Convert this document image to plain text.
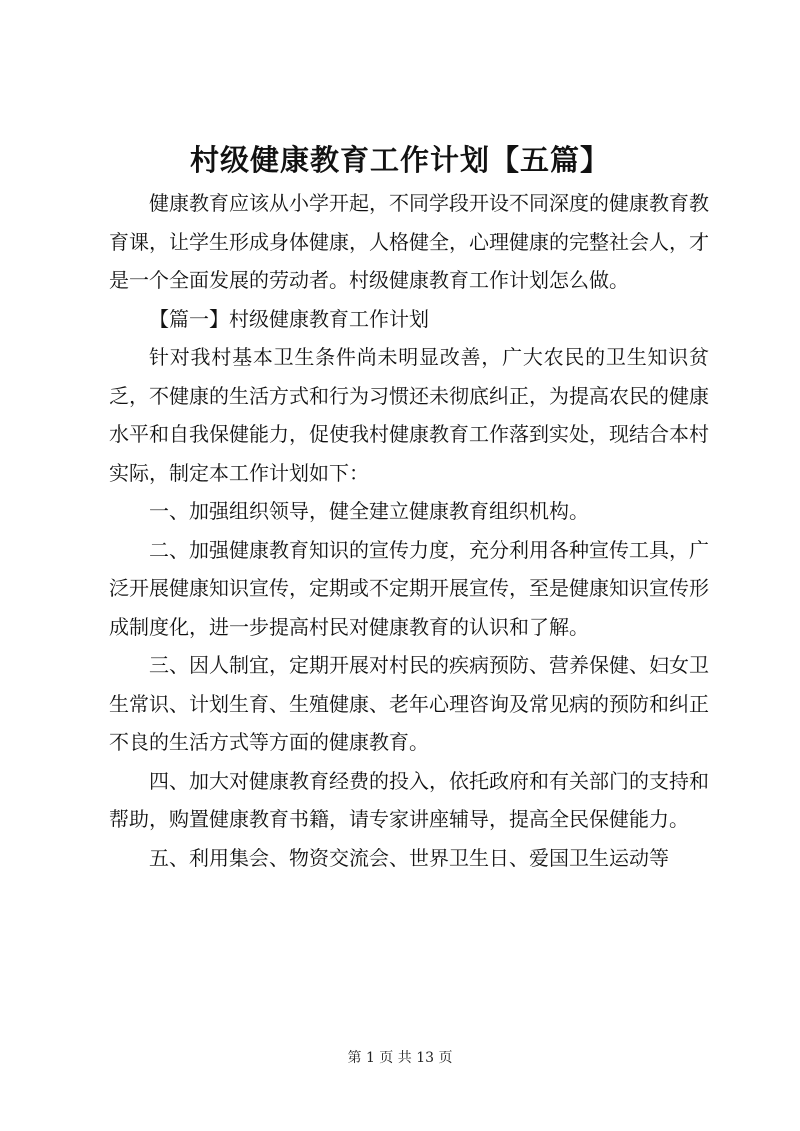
村级健康教育工作计划【五篇】

健康教育应该从小学开起，不同学段开设不同深度的健康教育教育课，让学生形成身体健康，人格健全，心理健康的完整社会人，才是一个全面发展的劳动者。村级健康教育工作计划怎么做。

【篇一】村级健康教育工作计划

针对我村基本卫生条件尚未明显改善，广大农民的卫生知识贫乏，不健康的生活方式和行为习惯还未彻底纠正，为提高农民的健康水平和自我保健能力，促使我村健康教育工作落到实处，现结合本村实际，制定本工作计划如下：

一、加强组织领导，健全建立健康教育组织机构。

二、加强健康教育知识的宣传力度，充分利用各种宣传工具，广泛开展健康知识宣传，定期或不定期开展宣传，至是健康知识宣传形成制度化，进一步提高村民对健康教育的认识和了解。

三、因人制宜，定期开展对村民的疾病预防、营养保健、妇女卫生常识、计划生育、生殖健康、老年心理咨询及常见病的预防和纠正不良的生活方式等方面的健康教育。

四、加大对健康教育经费的投入，依托政府和有关部门的支持和帮助，购置健康教育书籍，请专家讲座辅导，提高全民保健能力。

五、利用集会、物资交流会、世界卫生日、爱国卫生运动等

第 1 页 共 13 页
